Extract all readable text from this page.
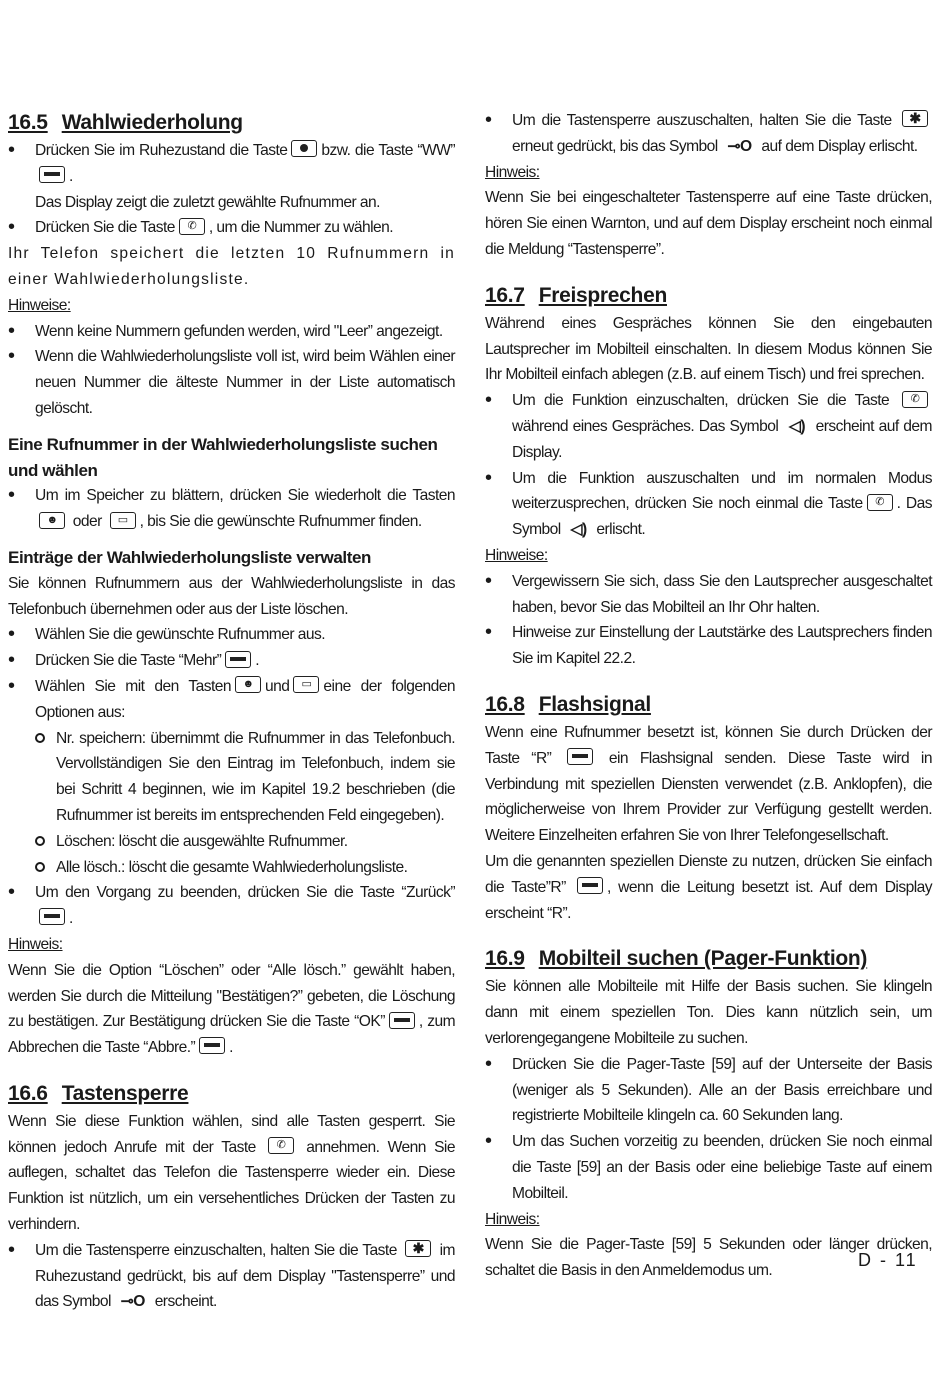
16.5 Wahlwiederholung
• Drücken Sie im Ruhezustand die Taste bzw. die Taste “WW”.
Das Display zeigt die zuletzt gewählte Rufnummer an.
• Drücken Sie die Taste ✆ , um die Nummer zu wählen.

Ihr Telefon speichert die letzten 10 Rufnummern in einer Wahlwiederholungsliste.

Hinweise:

• Wenn keine Nummern gefunden werden, wird "Leer” angezeigt.
• Wenn die Wahlwiederholungsliste voll ist, wird beim Wählen einer neuen Nummer die älteste Nummer in der Liste automatisch gelöscht.
Eine Rufnummer in der Wahlwiederholungsliste suchen und wählen
• Um im Speicher zu blättern, drücken Sie wiederholt die Tasten ☻ oder ▭ , bis Sie die gewünschte Rufnummer finden.
Einträge der Wahlwiederholungsliste verwalten

Sie können Rufnummern aus der Wahlwiederholungsliste in das Telefonbuch übernehmen oder aus der Liste löschen.

• Wählen Sie die gewünschte Rufnummer aus.
• Drücken Sie die Taste “Mehr” .
• Wählen Sie mit den Tasten ☻ und ▭ eine der folgenden Optionen aus:
Nr. speichern: übernimmt die Rufnummer in das Telefonbuch. Vervollständigen Sie den Eintrag im Telefonbuch, indem sie bei Schritt 4 beginnen, wie im Kapitel 19.2 beschrieben (die Rufnummer ist bereits im entsprechenden Feld eingegeben).
Löschen: löscht die ausgewählte Rufnummer.
Alle lösch.: löscht die gesamte Wahlwiederholungsliste.
• Um den Vorgang zu beenden, drücken Sie die Taste “Zurück”.

Hinweis:

Wenn Sie die Option “Löschen” oder “Alle lösch.” gewählt haben, werden Sie durch die Mitteilung "Bestätigen?” gebeten, die Löschung zu bestätigen. Zur Bestätigung drücken Sie die Taste “OK” , zum Abbrechen die Taste “Abbre.” .

16.6 Tastensperre

Wenn Sie diese Funktion wählen, sind alle Tasten gesperrt. Sie können jedoch Anrufe mit der Taste ✆ annehmen. Wenn Sie auflegen, schaltet das Telefon die Tastensperre wieder ein. Diese Funktion ist nützlich, um ein versehentliches Drücken der Tasten zu verhindern.

• Um die Tastensperre einzuschalten, halten Sie die Taste ✱ im Ruhezustand gedrückt, bis auf dem Display "Tastensperre” und das Symbol ⊸O erscheint.
• Um die Tastensperre auszuschalten, halten Sie die Taste ✱ erneut gedrückt, bis das Symbol ⊸O auf dem Display erlischt.

Hinweis:

Wenn Sie bei eingeschalteter Tastensperre auf eine Taste drücken, hören Sie einen Warnton, und auf dem Display erscheint noch einmal die Meldung “Tastensperre”.

16.7 Freisprechen

Während eines Gespräches können Sie den eingebauten Lautsprecher im Mobilteil einschalten. In diesem Modus können Sie Ihr Mobilteil einfach ablegen (z.B. auf einem Tisch) und frei sprechen.

• Um die Funktion einzuschalten, drücken Sie die Taste ✆ während eines Gespräches. Das Symbol ◁) erscheint auf dem Display.
• Um die Funktion auszuschalten und im normalen Modus weiterzusprechen, drücken Sie noch einmal die Taste ✆ . Das Symbol ◁) erlischt.

Hinweise:

• Vergewissern Sie sich, dass Sie den Lautsprecher ausgeschaltet haben, bevor Sie das Mobilteil an Ihr Ohr halten.
• Hinweise zur Einstellung der Lautstärke des Lautsprechers finden Sie im Kapitel 22.2.
16.8 Flashsignal

Wenn eine Rufnummer besetzt ist, können Sie durch Drücken der Taste “R”	ein Flashsignal senden. Diese Taste wird in Verbindung mit speziellen Diensten verwendet (z.B. Anklopfen), die möglicherweise von Ihrem Provider zur Verfügung gestellt werden. Weitere Einzelheiten erfahren Sie von Ihrer Telefongesellschaft.

Um die genannten speziellen Dienste zu nutzen, drücken Sie einfach die Taste”R”	, wenn die Leitung besetzt ist. Auf dem Display erscheint “R”.

16.9 Mobilteil suchen (Pager-Funktion)

Sie können alle Mobilteile mit Hilfe der Basis suchen. Sie klingeln dann mit einem speziellen Ton. Dies kann nützlich sein, um verlorengegangene Mobilteile zu suchen.

• Drücken Sie die Pager-Taste [59] auf der Unterseite der Basis (weniger als 5 Sekunden). Alle an der Basis erreichbare und registrierte Mobilteile klingeln ca. 60 Sekunden lang.
• Um das Suchen vorzeitig zu beenden, drücken Sie noch einmal die Taste [59] an der Basis oder eine beliebige Taste auf einem Mobilteil.

Hinweis:

Wenn Sie die Pager-Taste [59] 5 Sekunden oder länger drücken, schaltet die Basis in den Anmeldemodus um.

D - 11
